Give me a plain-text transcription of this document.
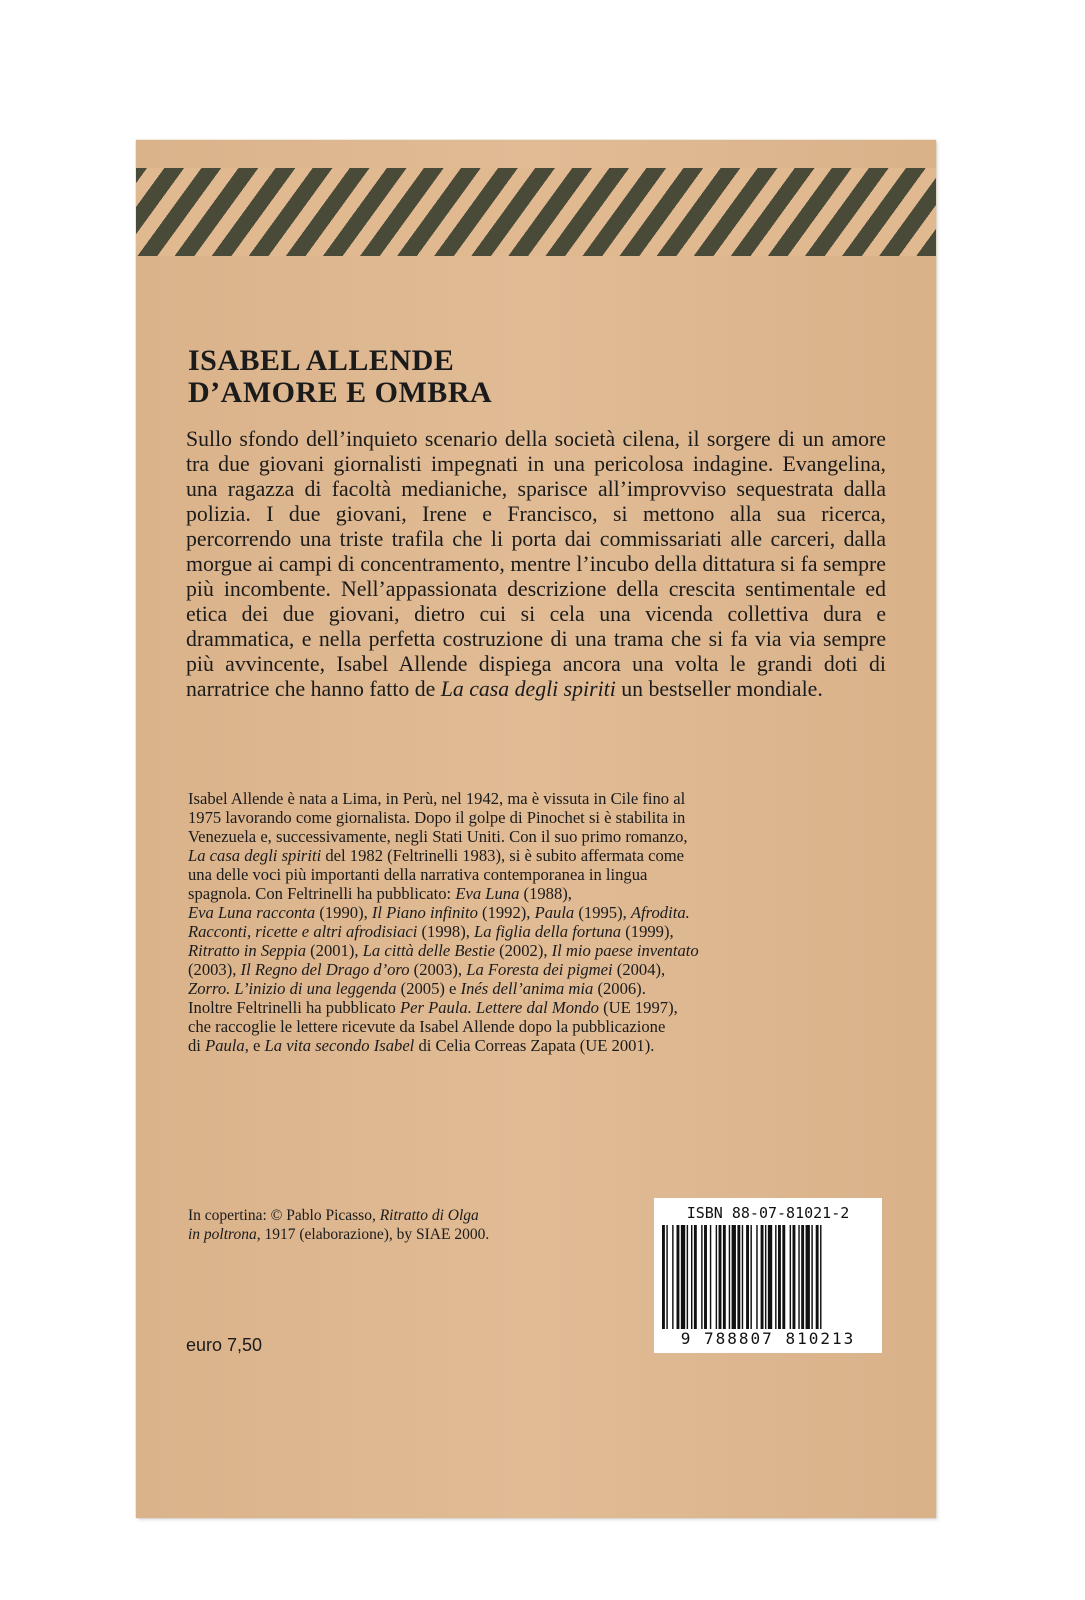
ISABEL ALLENDE
D’AMORE E OMBRA

Sullo sfondo dell’inquieto scenario della società cilena, il sorgere di un amore tra due giovani giornalisti impegnati in una pericolosa indagine. Evangelina, una ragazza di facoltà medianiche, sparisce all’improvviso sequestrata dalla polizia. I due giovani, Irene e Francisco, si mettono alla sua ricerca, percorrendo una triste trafila che li porta dai commissariati alle carceri, dalla morgue ai campi di concentramento, mentre l’incubo della dittatura si fa sempre più incombente. Nell’appassionata descrizione della crescita sentimentale ed etica dei due giovani, dietro cui si cela una vicenda collettiva dura e drammatica, e nella perfetta costruzione di una trama che si fa via via sempre più avvincente, Isabel Allende dispiega ancora una volta le grandi doti di narratrice che hanno fatto de La casa degli spiriti un bestseller mondiale.

Isabel Allende è nata a Lima, in Perù, nel 1942, ma è vissuta in Cile fino al
1975 lavorando come giornalista. Dopo il golpe di Pinochet si è stabilita in
Venezuela e, successivamente, negli Stati Uniti. Con il suo primo romanzo,
La casa degli spiriti del 1982 (Feltrinelli 1983), si è subito affermata come
una delle voci più importanti della narrativa contemporanea in lingua
spagnola. Con Feltrinelli ha pubblicato: Eva Luna (1988),
Eva Luna racconta (1990), Il Piano infinito (1992), Paula (1995), Afrodita.
Racconti, ricette e altri afrodisiaci (1998), La figlia della fortuna (1999),
Ritratto in Seppia (2001), La città delle Bestie (2002), Il mio paese inventato
(2003), Il Regno del Drago d’oro (2003), La Foresta dei pigmei (2004),
Zorro. L’inizio di una leggenda (2005) e Inés dell’anima mia (2006).
Inoltre Feltrinelli ha pubblicato Per Paula. Lettere dal Mondo (UE 1997),
che raccoglie le lettere ricevute da Isabel Allende dopo la pubblicazione
di Paula, e La vita secondo Isabel di Celia Correas Zapata (UE 2001).

In copertina: © Pablo Picasso, Ritratto di Olga
in poltrona, 1917 (elaborazione), by SIAE 2000.

euro 7,50

ISBN 88-07-81021-2
9 788807 810213
